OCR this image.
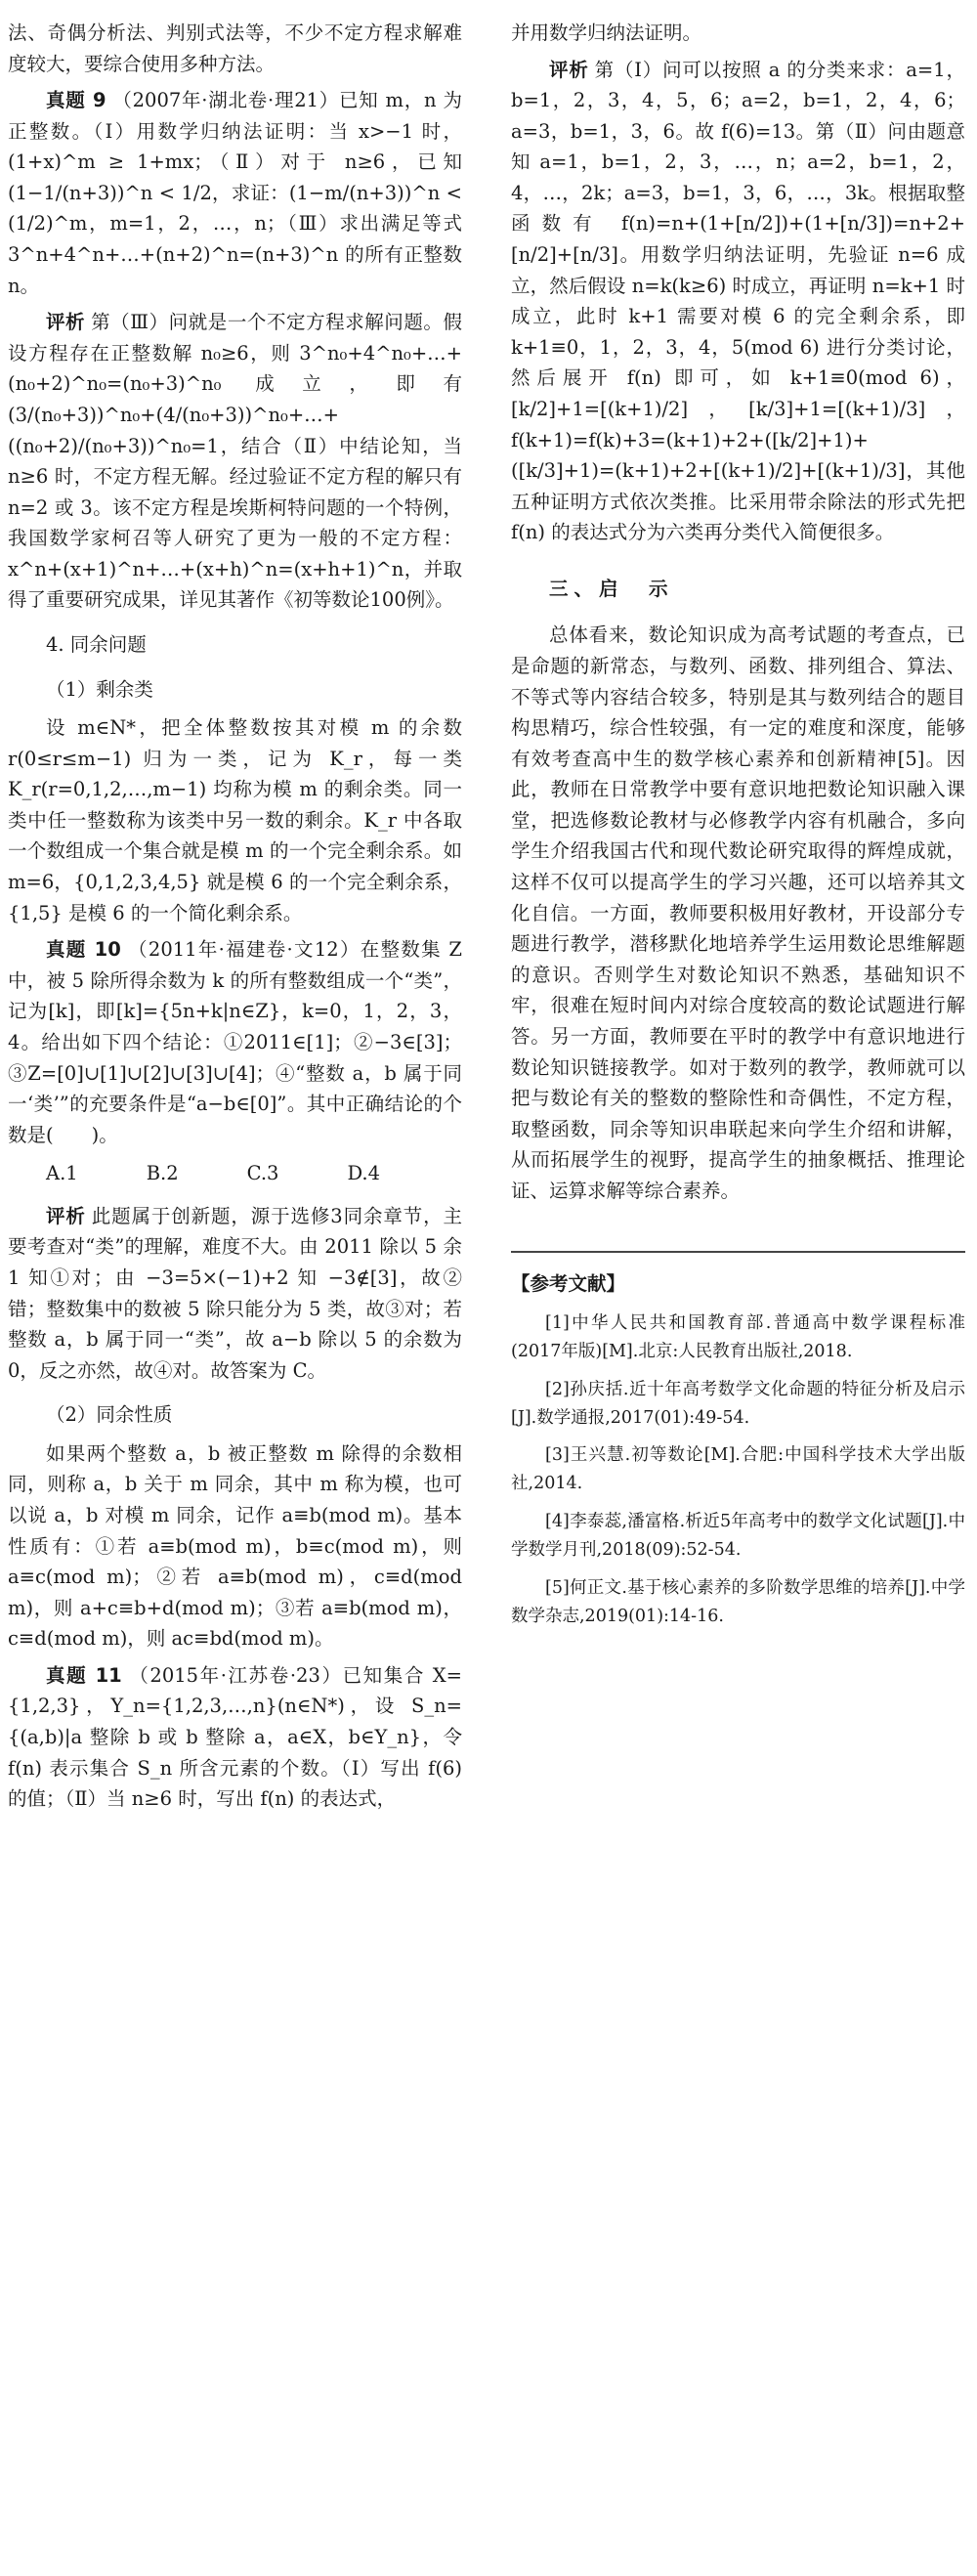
法、奇偶分析法、判别式法等，不少不定方程求解难度较大，要综合使用多种方法。

真题 9 （2007年·湖北卷·理21）已知 m，n 为正整数。（Ⅰ）用数学归纳法证明：当 x>−1 时，(1+x)^m ≥ 1+mx；（Ⅱ）对于 n≥6，已知 (1−1/(n+3))^n < 1/2，求证：(1−m/(n+3))^n < (1/2)^m，m=1，2，…，n；（Ⅲ）求出满足等式 3^n+4^n+…+(n+2)^n=(n+3)^n 的所有正整数 n。

评析 第（Ⅲ）问就是一个不定方程求解问题。假设方程存在正整数解 n₀≥6，则 3^n₀+4^n₀+…+(n₀+2)^n₀=(n₀+3)^n₀ 成立，即有 (3/(n₀+3))^n₀+(4/(n₀+3))^n₀+…+((n₀+2)/(n₀+3))^n₀=1，结合（Ⅱ）中结论知，当 n≥6 时，不定方程无解。经过验证不定方程的解只有 n=2 或 3。该不定方程是埃斯柯特问题的一个特例，我国数学家柯召等人研究了更为一般的不定方程：x^n+(x+1)^n+…+(x+h)^n=(x+h+1)^n，并取得了重要研究成果，详见其著作《初等数论100例》。

4. 同余问题

（1）剩余类

设 m∈N*，把全体整数按其对模 m 的余数 r(0≤r≤m−1) 归为一类，记为 K_r，每一类 K_r(r=0,1,2,…,m−1) 均称为模 m 的剩余类。同一类中任一整数称为该类中另一数的剩余。K_r 中各取一个数组成一个集合就是模 m 的一个完全剩余系。如 m=6，{0,1,2,3,4,5} 就是模 6 的一个完全剩余系，{1,5} 是模 6 的一个简化剩余系。

真题 10 （2011年·福建卷·文12）在整数集 Z 中，被 5 除所得余数为 k 的所有整数组成一个“类”，记为[k]，即[k]={5n+k|n∈Z}，k=0，1，2，3，4。给出如下四个结论：①2011∈[1]；②−3∈[3]；③Z=[0]∪[1]∪[2]∪[3]∪[4]；④“整数 a，b 属于同一‘类’”的充要条件是“a−b∈[0]”。其中正确结论的个数是(　　)。

A.1	B.2	C.3	D.4

评析 此题属于创新题，源于选修3同余章节，主要考查对“类”的理解，难度不大。由 2011 除以 5 余 1 知①对；由 −3=5×(−1)+2 知 −3∉[3]，故②错；整数集中的数被 5 除只能分为 5 类，故③对；若整数 a，b 属于同一“类”，故 a−b 除以 5 的余数为 0，反之亦然，故④对。故答案为 C。

（2）同余性质

如果两个整数 a，b 被正整数 m 除得的余数相同，则称 a，b 关于 m 同余，其中 m 称为模，也可以说 a，b 对模 m 同余，记作 a≡b(mod m)。基本性质有：①若 a≡b(mod m)，b≡c(mod m)，则 a≡c(mod m)；②若 a≡b(mod m)，c≡d(mod m)，则 a+c≡b+d(mod m)；③若 a≡b(mod m)，c≡d(mod m)，则 ac≡bd(mod m)。

真题 11 （2015年·江苏卷·23）已知集合 X={1,2,3}，Y_n={1,2,3,…,n}(n∈N*)，设 S_n={(a,b)|a 整除 b 或 b 整除 a，a∈X，b∈Y_n}，令 f(n) 表示集合 S_n 所含元素的个数。（Ⅰ）写出 f(6) 的值；（Ⅱ）当 n≥6 时，写出 f(n) 的表达式，

并用数学归纳法证明。

评析 第（Ⅰ）问可以按照 a 的分类来求：a=1，b=1，2，3，4，5，6；a=2，b=1，2，4，6；a=3，b=1，3，6。故 f(6)=13。第（Ⅱ）问由题意知 a=1，b=1，2，3，…，n；a=2，b=1，2，4，…，2k；a=3，b=1，3，6，…，3k。根据取整函数有 f(n)=n+(1+[n/2])+(1+[n/3])=n+2+[n/2]+[n/3]。用数学归纳法证明，先验证 n=6 成立，然后假设 n=k(k≥6) 时成立，再证明 n=k+1 时成立，此时 k+1 需要对模 6 的完全剩余系，即 k+1≡0，1，2，3，4，5(mod 6) 进行分类讨论，然后展开 f(n) 即可，如 k+1≡0(mod 6)，[k/2]+1=[(k+1)/2]，[k/3]+1=[(k+1)/3]，f(k+1)=f(k)+3=(k+1)+2+([k/2]+1)+([k/3]+1)=(k+1)+2+[(k+1)/2]+[(k+1)/3]，其他五种证明方式依次类推。比采用带余除法的形式先把 f(n) 的表达式分为六类再分类代入简便很多。

三、启　示

总体看来，数论知识成为高考试题的考查点，已是命题的新常态，与数列、函数、排列组合、算法、不等式等内容结合较多，特别是其与数列结合的题目构思精巧，综合性较强，有一定的难度和深度，能够有效考查高中生的数学核心素养和创新精神[5]。因此，教师在日常教学中要有意识地把数论知识融入课堂，把选修数论教材与必修教学内容有机融合，多向学生介绍我国古代和现代数论研究取得的辉煌成就，这样不仅可以提高学生的学习兴趣，还可以培养其文化自信。一方面，教师要积极用好教材，开设部分专题进行教学，潜移默化地培养学生运用数论思维解题的意识。否则学生对数论知识不熟悉，基础知识不牢，很难在短时间内对综合度较高的数论试题进行解答。另一方面，教师要在平时的教学中有意识地进行数论知识链接教学。如对于数列的教学，教师就可以把与数论有关的整数的整除性和奇偶性，不定方程，取整函数，同余等知识串联起来向学生介绍和讲解，从而拓展学生的视野，提高学生的抽象概括、推理论证、运算求解等综合素养。

【参考文献】

[1]中华人民共和国教育部.普通高中数学课程标准(2017年版)[M].北京:人民教育出版社,2018.

[2]孙庆括.近十年高考数学文化命题的特征分析及启示[J].数学通报,2017(01):49-54.

[3]王兴慧.初等数论[M].合肥:中国科学技术大学出版社,2014.

[4]李泰蕊,潘富格.析近5年高考中的数学文化试题[J].中学数学月刊,2018(09):52-54.

[5]何正文.基于核心素养的多阶数学思维的培养[J].中学数学杂志,2019(01):14-16.
